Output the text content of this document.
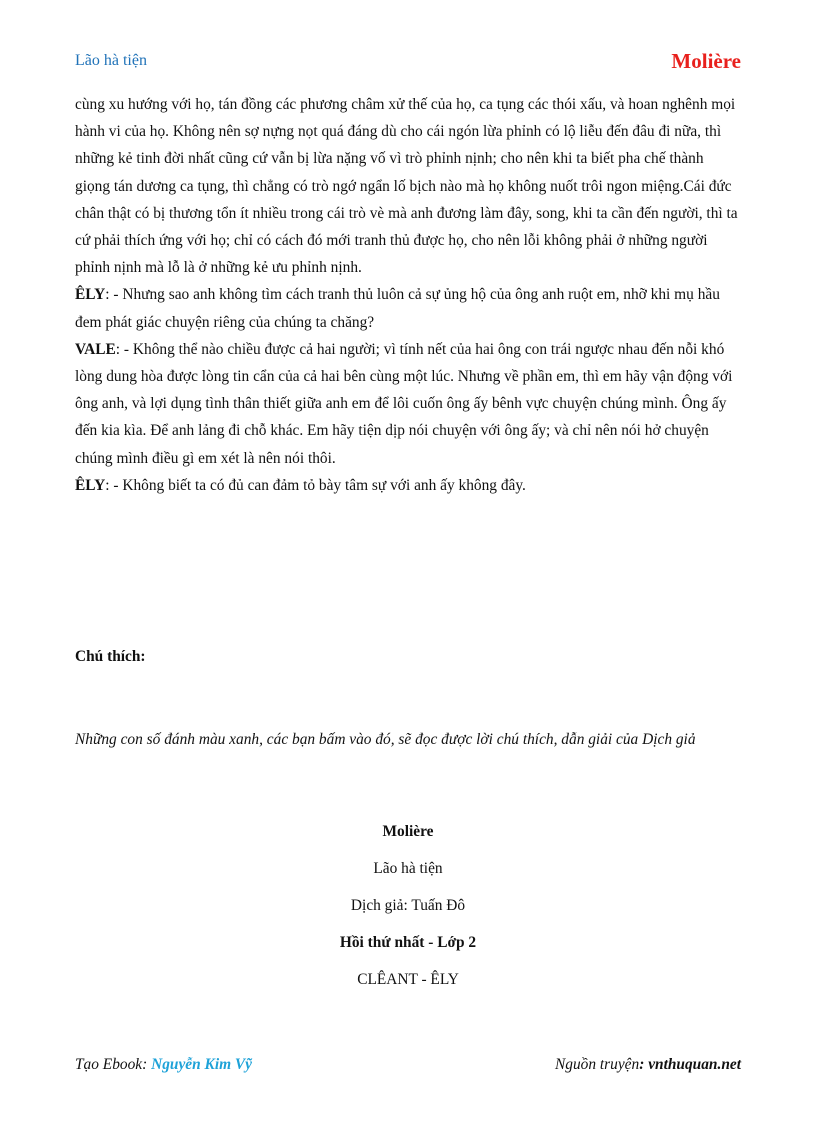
Lão hà tiện	Molière

cùng xu hướng với họ, tán đồng các phương châm xử thế của họ, ca tụng các thói xấu, và hoan nghênh mọi hành vi của họ. Không nên sợ nựng nọt quá đáng dù cho cái ngón lừa phỉnh có lộ liễu đến đâu đi nữa, thì những kẻ tinh đời nhất cũng cứ vẫn bị lừa nặng vố vì trò phỉnh nịnh; cho nên khi ta biết pha chế thành giọng tán dương ca tụng, thì chẳng có trò ngớ ngẩn lố bịch nào mà họ không nuốt trôi ngon miệng.Cái đức chân thật có bị thương tổn ít nhiều trong cái trò vè mà anh đương làm đây, song, khi ta cần đến người, thì ta cứ phải thích ứng với họ; chỉ có cách đó mới tranh thủ được họ, cho nên lỗi không phải ở những người phỉnh nịnh mà lỗ là ở những kẻ ưu phỉnh nịnh.

ÊLY: - Nhưng sao anh không tìm cách tranh thủ luôn cả sự ủng hộ của ông anh ruột em, nhỡ khi mụ hầu đem phát giác chuyện riêng của chúng ta chăng?

VALE: - Không thể nào chiều được cả hai người; vì tính nết của hai ông con trái ngược nhau đến nỗi khó lòng dung hòa được lòng tin cẩn của cả hai bên cùng một lúc. Nhưng về phần em, thì em hãy vận động với ông anh, và lợi dụng tình thân thiết giữa anh em để lôi cuốn ông ấy bênh vực chuyện chúng mình. Ông ấy đến kia kìa. Để anh lảng đi chỗ khác. Em hãy tiện dịp nói chuyện với ông ấy; và chỉ nên nói hở chuyện chúng mình điều gì em xét là nên nói thôi.

ÊLY: - Không biết ta có đủ can đảm tỏ bày tâm sự với anh ấy không đây.

Chú thích:
Những con số đánh màu xanh, các bạn bấm vào đó, sẽ đọc được lời chú thích, dẫn giải của Dịch giả
Molière
Lão hà tiện
Dịch giả: Tuấn Đô
Hồi thứ nhất - Lớp 2
CLÊANT - ÊLY
Tạo Ebook: Nguyễn Kim Vỹ	Nguồn truyện: vnthuquan.net
